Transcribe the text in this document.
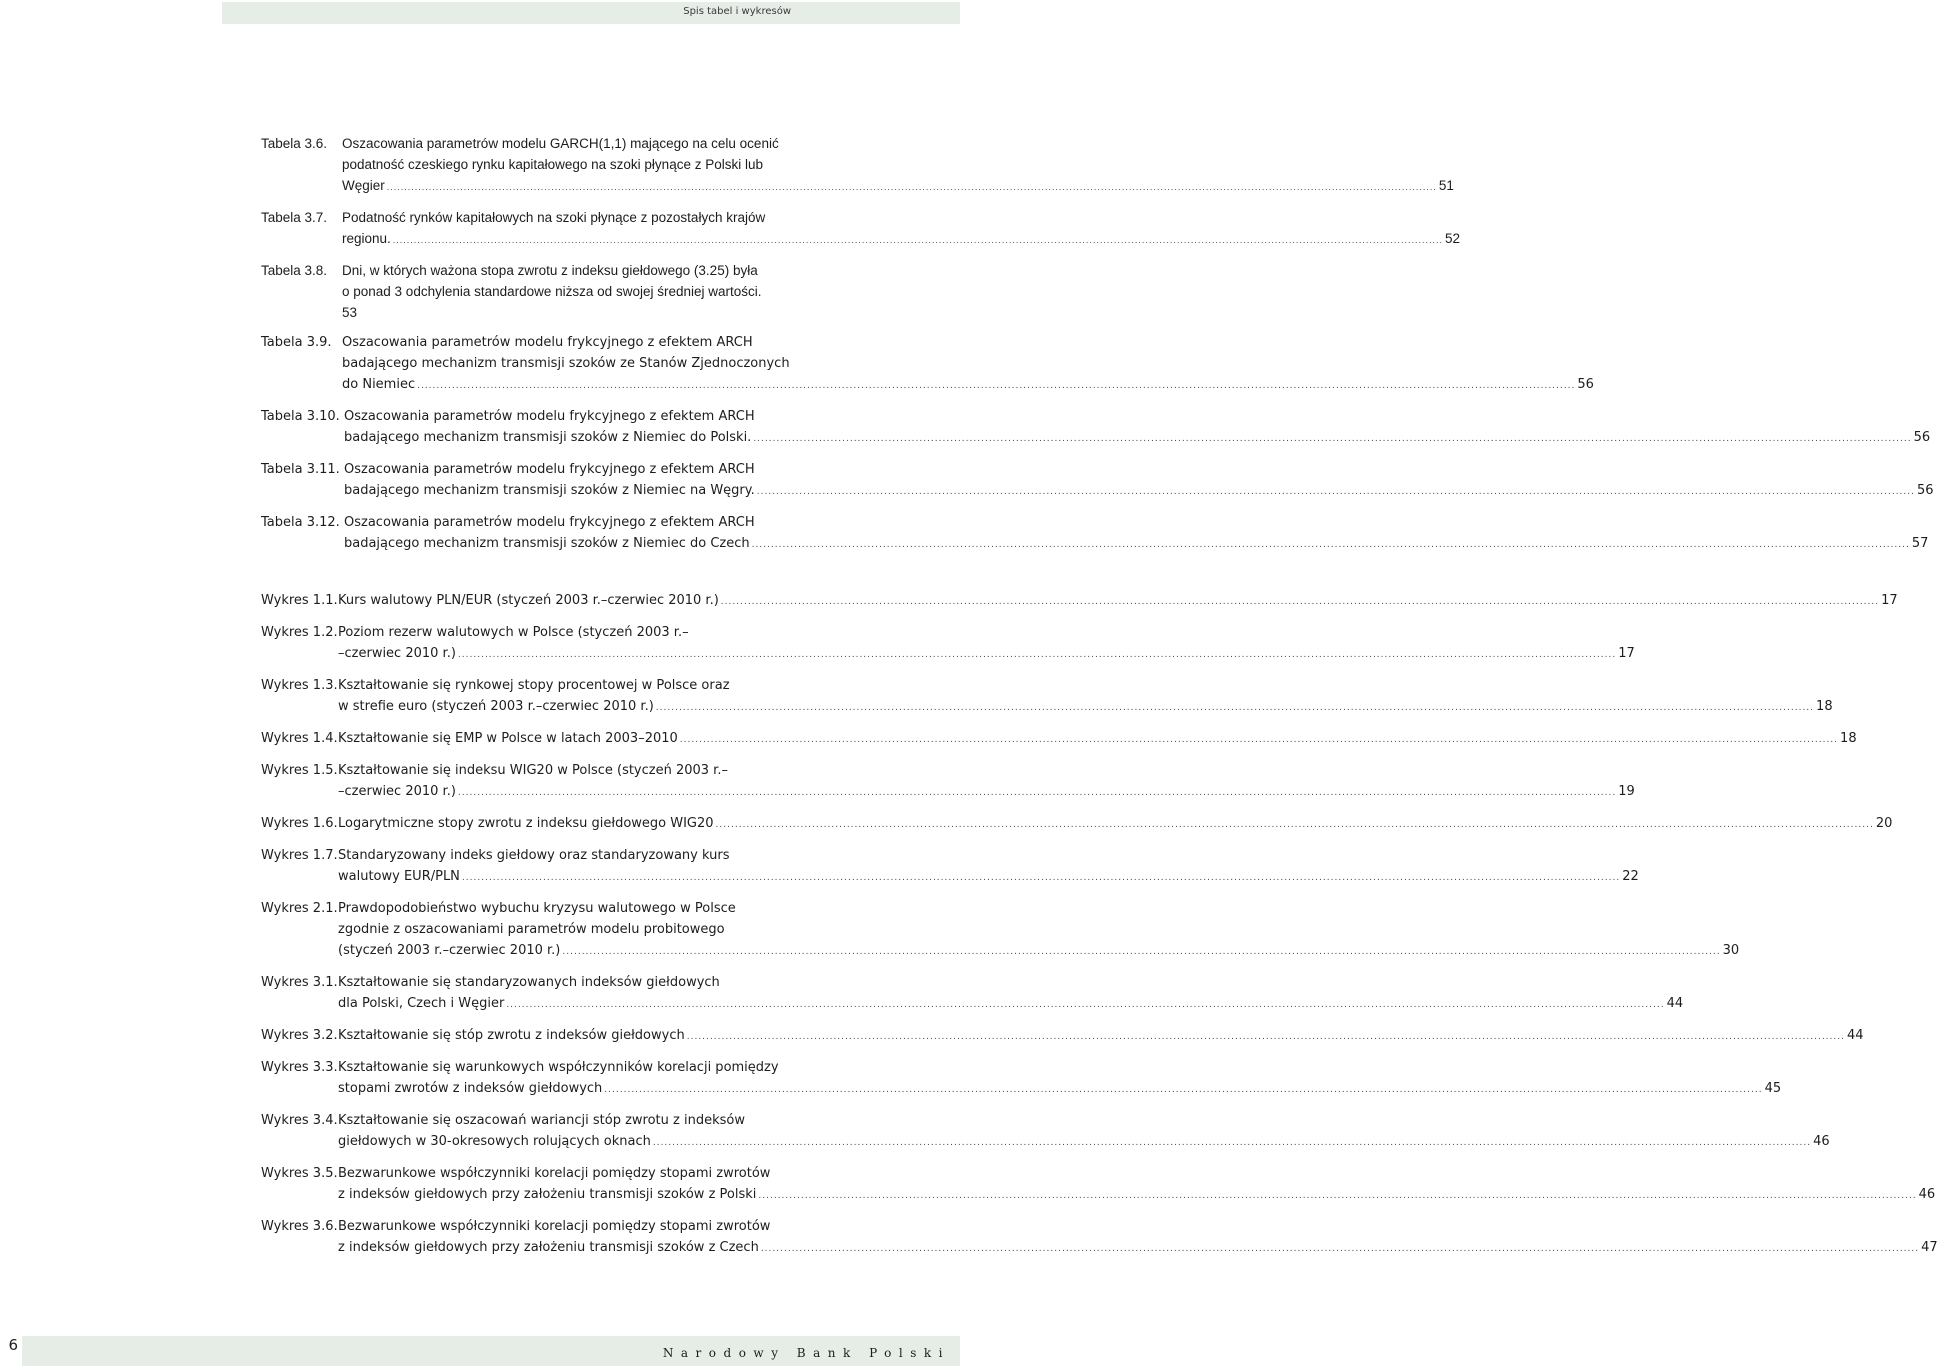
Spis tabel i wykresów
Tabela 3.6. Oszacowania parametrów modelu GARCH(1,1) mającego na celu ocenić
podatność czeskiego rynku kapitałowego na szoki płynące z Polski lub
Węgier ............................................................................................................................................................................................................................................................................................................ 51
Tabela 3.7. Podatność rynków kapitałowych na szoki płynące z pozostałych krajów
regionu. ............................................................................................................................................................................................................................................................................................................ 52
Tabela 3.8. Dni, w których ważona stopa zwrotu z indeksu giełdowego (3.25) była
o ponad 3 odchylenia standardowe niższa od swojej średniej wartości.
53
Tabela 3.9. Oszacowania parametrów modelu frykcyjnego z efektem ARCH
badającego mechanizm transmisji szoków ze Stanów Zjednoczonych
do Niemiec ............................................................................................................................................................................................................................................................................................................ 56
Tabela 3.10. Oszacowania parametrów modelu frykcyjnego z efektem ARCH
badającego mechanizm transmisji szoków z Niemiec do Polski. ............................................................................................................................................................................................................................................................................................................ 56
Tabela 3.11. Oszacowania parametrów modelu frykcyjnego z efektem ARCH
badającego mechanizm transmisji szoków z Niemiec na Węgry. ............................................................................................................................................................................................................................................................................................................ 56
Tabela 3.12. Oszacowania parametrów modelu frykcyjnego z efektem ARCH
badającego mechanizm transmisji szoków z Niemiec do Czech ............................................................................................................................................................................................................................................................................................................ 57
Wykres 1.1. Kurs walutowy PLN/EUR (styczeń 2003 r.–czerwiec 2010 r.) ............................................................................................................................................................................................................................................................................................................ 17
Wykres 1.2. Poziom rezerw walutowych w Polsce (styczeń 2003 r.–
–czerwiec 2010 r.) ............................................................................................................................................................................................................................................................................................................ 17
Wykres 1.3. Kształtowanie się rynkowej stopy procentowej w Polsce oraz
w strefie euro (styczeń 2003 r.–czerwiec 2010 r.) ............................................................................................................................................................................................................................................................................................................ 18
Wykres 1.4. Kształtowanie się EMP w Polsce w latach 2003–2010 ............................................................................................................................................................................................................................................................................................................ 18
Wykres 1.5. Kształtowanie się indeksu WIG20 w Polsce (styczeń 2003 r.–
–czerwiec 2010 r.) ............................................................................................................................................................................................................................................................................................................ 19
Wykres 1.6. Logarytmiczne stopy zwrotu z indeksu giełdowego WIG20 ............................................................................................................................................................................................................................................................................................................ 20
Wykres 1.7. Standaryzowany indeks giełdowy oraz standaryzowany kurs
walutowy EUR/PLN ............................................................................................................................................................................................................................................................................................................ 22
Wykres 2.1. Prawdopodobieństwo wybuchu kryzysu walutowego w Polsce
zgodnie z oszacowaniami parametrów modelu probitowego
(styczeń 2003 r.–czerwiec 2010 r.) ............................................................................................................................................................................................................................................................................................................ 30
Wykres 3.1. Kształtowanie się standaryzowanych indeksów giełdowych
dla Polski, Czech i Węgier ............................................................................................................................................................................................................................................................................................................ 44
Wykres 3.2. Kształtowanie się stóp zwrotu z indeksów giełdowych ............................................................................................................................................................................................................................................................................................................ 44
Wykres 3.3. Kształtowanie się warunkowych współczynników korelacji pomiędzy
stopami zwrotów z indeksów giełdowych ............................................................................................................................................................................................................................................................................................................ 45
Wykres 3.4. Kształtowanie się oszacowań wariancji stóp zwrotu z indeksów
giełdowych w 30-okresowych rolujących oknach ............................................................................................................................................................................................................................................................................................................ 46
Wykres 3.5. Bezwarunkowe współczynniki korelacji pomiędzy stopami zwrotów
z indeksów giełdowych przy założeniu transmisji szoków z Polski ............................................................................................................................................................................................................................................................................................................ 46
Wykres 3.6. Bezwarunkowe współczynniki korelacji pomiędzy stopami zwrotów
z indeksów giełdowych przy założeniu transmisji szoków z Czech ............................................................................................................................................................................................................................................................................................................ 47
6	Narodowy Bank Polski
